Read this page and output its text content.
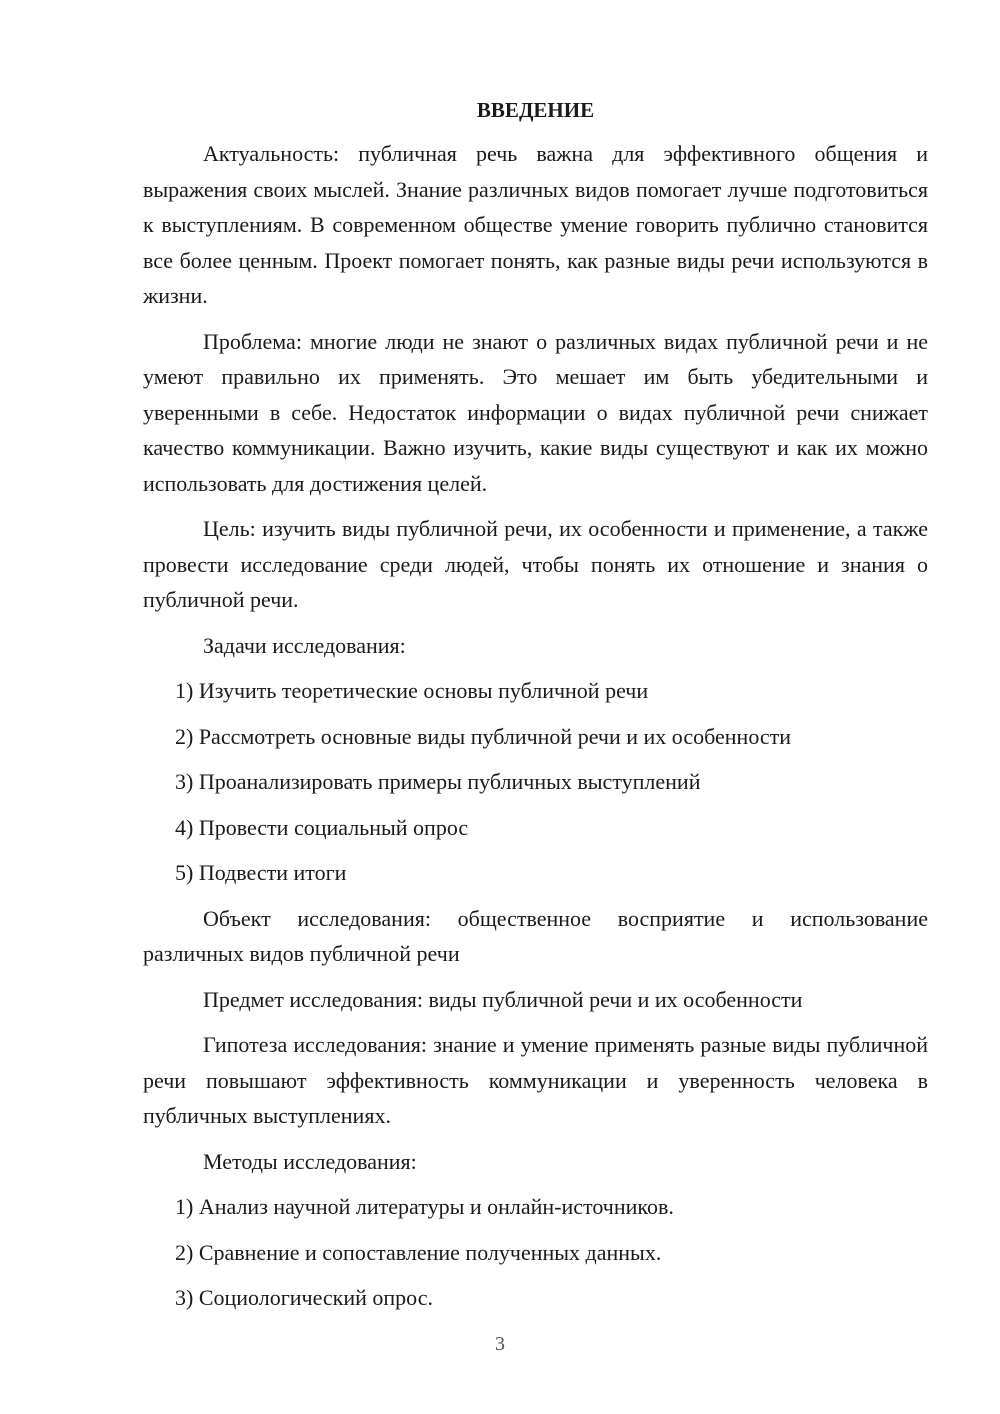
ВВЕДЕНИЕ

Актуальность: публичная речь важна для эффективного общения и выражения своих мыслей. Знание различных видов помогает лучше подготовиться к выступлениям. В современном обществе умение говорить публично становится все более ценным. Проект помогает понять, как разные виды речи используются в жизни.

Проблема: многие люди не знают о различных видах публичной речи и не умеют правильно их применять. Это мешает им быть убедительными и уверенными в себе. Недостаток информации о видах публичной речи снижает качество коммуникации. Важно изучить, какие виды существуют и как их можно использовать для достижения целей.

Цель: изучить виды публичной речи, их особенности и применение, а также провести исследование среди людей, чтобы понять их отношение и знания о публичной речи.

Задачи исследования:
1) Изучить теоретические основы публичной речи
2) Рассмотреть основные виды публичной речи и их особенности
3) Проанализировать примеры публичных выступлений
4) Провести социальный опрос
5) Подвести итоги

Объект исследования: общественное восприятие и использование различных видов публичной речи

Предмет исследования: виды публичной речи и их особенности

Гипотеза исследования: знание и умение применять разные виды публичной речи повышают эффективность коммуникации и уверенность человека в публичных выступлениях.

Методы исследования:
1) Анализ научной литературы и онлайн-источников.
2) Сравнение и сопоставление полученных данных.
3) Социологический опрос.
3
